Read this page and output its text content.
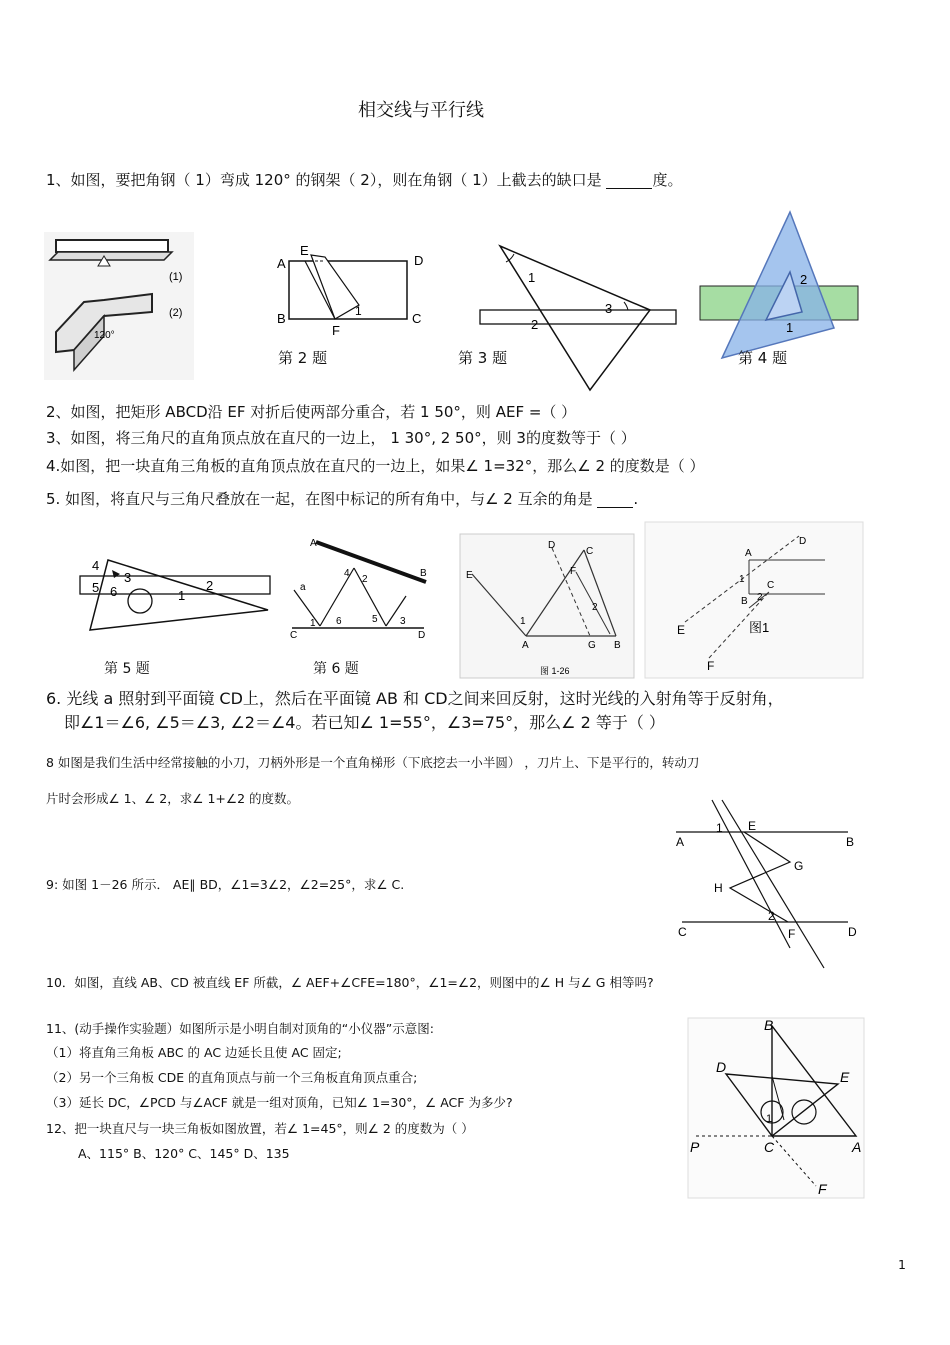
相交线与平行线
1、如图，要把角钢（ 1）弯成 120° 的钢架（ 2），则在角钢（ 1）上截去的缺口是	度。
(1)
(2)
120°
A
B	C
D
E
F
1
第 2 题
1
2
3
第 3 题
2
1
第 4 题
2、如图，把矩形 ABCD沿 EF 对折后使两部分重合，若 1 50°，则 AEF =（ ）
3、如图，将三角尺的直角顶点放在直尺的一边上， 1 30°, 2 50°，则 3的度数等于（ ）
4.如图，把一块直角三角板的直角顶点放在直尺的一边上，如果∠ 1=32°，那么∠ 2 的度数是（ ）
5. 如图，将直尺与三角尺叠放在一起，在图中标记的所有角中，与∠ 2 互余的角是	.
4
3
5 6	2
1
第 5 题
A
B
C	D
a
1 6
4
2
5 3
第 6 题
E
D
C
F
A	G B
1
2
图 1-26
A
D
C
B
1
2
E
F
图1
6. 光线 a 照射到平面镜 CD上，然后在平面镜 AB 和 CD之间来回反射，这时光线的入射角等于反射角，
即∠1＝∠6, ∠5＝∠3, ∠2＝∠4。若已知∠ 1=55°，∠3=75°，那么∠ 2 等于（ ）
8 如图是我们生活中经常接触的小刀，刀柄外形是一个直角梯形（下底挖去一小半圆） ，刀片上、下是平行的，转动刀
片时会形成∠ 1、∠ 2，求∠ 1+∠2 的度数。
A	B
C	D
E
F
G
H
1
2
9: 如图 1－26 所示． AE∥ BD，∠1=3∠2，∠2=25°，求∠ C.
10．如图，直线 AB、CD 被直线 EF 所截，∠ AEF+∠CFE=180°，∠1=∠2，则图中的∠ H 与∠ G 相等吗?
11、(动手操作实验题）如图所示是小明自制对顶角的“小仪器”示意图:
（1）将直角三角板 ABC 的 AC 边延长且使 AC 固定;
（2）另一个三角板 CDE 的直角顶点与前一个三角板直角顶点重合;
（3）延长 DC，∠PCD 与∠ACF 就是一组对顶角，已知∠ 1=30°，∠ ACF 为多少?
12、把一块直尺与一块三角板如图放置，若∠ 1=45°，则∠ 2 的度数为（ ）
A、115° B、120° C、145° D、135
B
D
E
P	C	A
F
1
1
